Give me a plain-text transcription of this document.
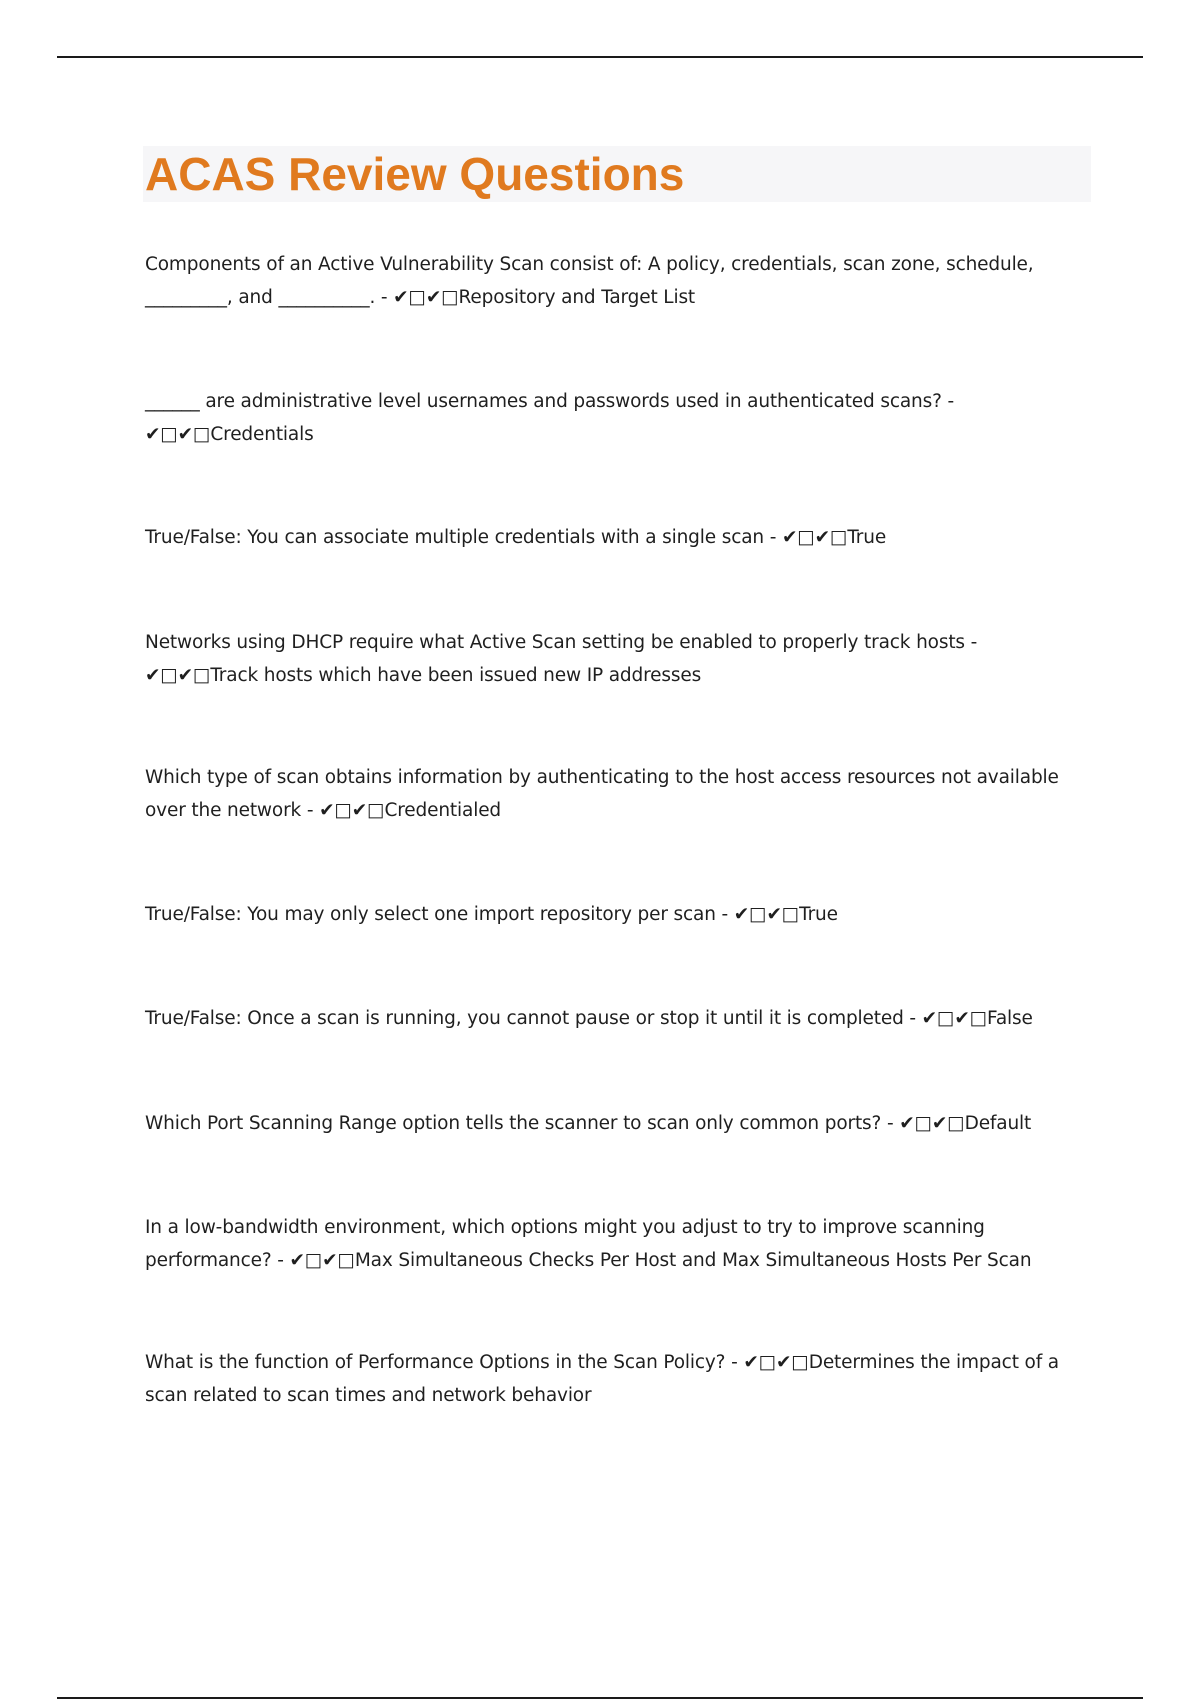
ACAS Review Questions

Components of an Active Vulnerability Scan consist of: A policy, credentials, scan zone, schedule, _________, and __________. - ✔□✔□Repository and Target List

______ are administrative level usernames and passwords used in authenticated scans? - ✔□✔□Credentials

True/False: You can associate multiple credentials with a single scan - ✔□✔□True

Networks using DHCP require what Active Scan setting be enabled to properly track hosts - ✔□✔□Track hosts which have been issued new IP addresses

Which type of scan obtains information by authenticating to the host access resources not available over the network - ✔□✔□Credentialed

True/False: You may only select one import repository per scan - ✔□✔□True

True/False: Once a scan is running, you cannot pause or stop it until it is completed - ✔□✔□False

Which Port Scanning Range option tells the scanner to scan only common ports? - ✔□✔□Default

In a low-bandwidth environment, which options might you adjust to try to improve scanning performance? - ✔□✔□Max Simultaneous Checks Per Host and Max Simultaneous Hosts Per Scan

What is the function of Performance Options in the Scan Policy? - ✔□✔□Determines the impact of a scan related to scan times and network behavior
